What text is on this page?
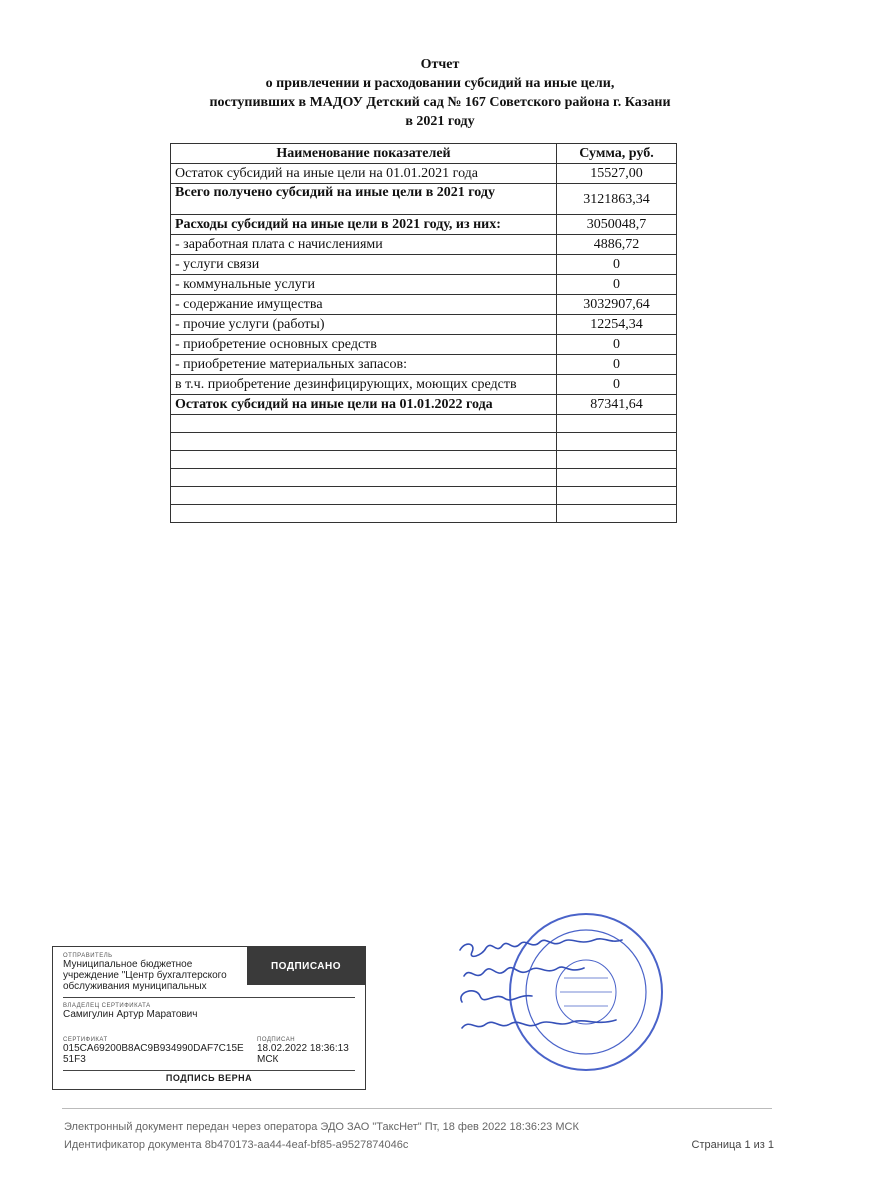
Отчет
о привлечении и расходовании субсидий на иные цели,
поступивших в МАДОУ Детский сад № 167 Советского района г. Казани
в 2021 году
Наименование показателей	Сумма, руб.
Остаток субсидий на иные цели на 01.01.2021 года	15527,00
Всего получено субсидий на иные цели в 2021 году	3121863,34
Расходы субсидий на иные цели в 2021 году, из них:	3050048,7
- заработная плата с начислениями	4886,72
- услуги связи	0
- коммунальные услуги	0
- содержание имущества	3032907,64
- прочие услуги (работы)	12254,34
- приобретение основных средств	0
- приобретение материальных запасов:	0
в т.ч. приобретение дезинфицирующих, моющих средств	0
Остаток субсидий на иные цели на 01.01.2022 года	87341,64

ОТПРАВИТЕЛЬ
Муниципальное бюджетное учреждение "Центр бухгалтерского обслуживания муниципальных
ПОДПИСАНО
ВЛАДЕЛЕЦ СЕРТИФИКАТА
Самигулин Артур Маратович
СЕРТИФИКАТ
015CA69200B8AC9B934990DAF7C15E51F3
ПОДПИСАН
18.02.2022 18:36:13 МСК
ПОДПИСЬ ВЕРНА
Электронный документ передан через оператора ЭДО ЗАО "ТаксНет" Пт, 18 фев 2022 18:36:23 МСК
Идентификатор документа 8b470173-aa44-4eaf-bf85-a9527874046c	Страница 1 из 1
